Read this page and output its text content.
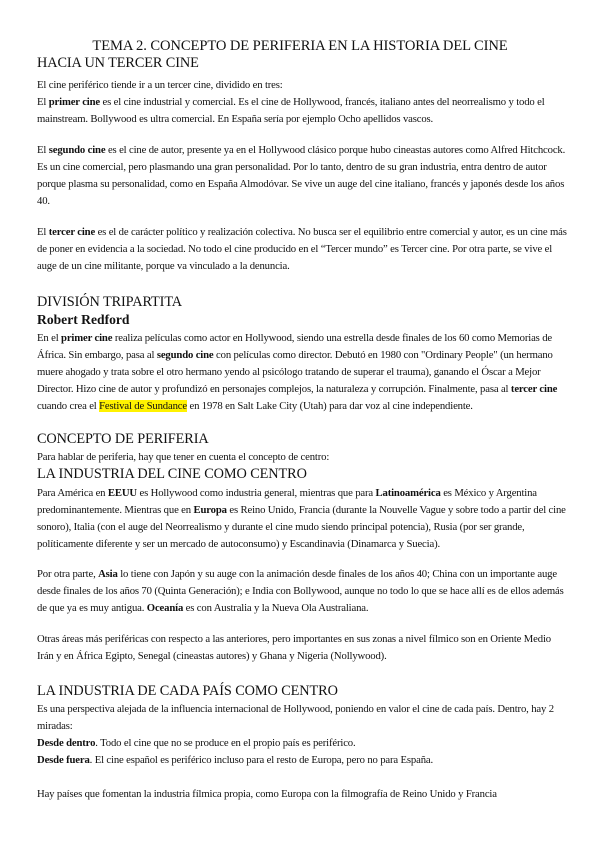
TEMA 2. CONCEPTO DE PERIFERIA EN LA HISTORIA DEL CINE
HACIA UN TERCER CINE

El cine periférico tiende ir a un tercer cine, dividido en tres:

El primer cine es el cine industrial y comercial. Es el cine de Hollywood, francés, italiano antes del neorrealismo y todo el mainstream. Bollywood es ultra comercial. En España sería por ejemplo Ocho apellidos vascos.

El segundo cine es el cine de autor, presente ya en el Hollywood clásico porque hubo cineastas autores como Alfred Hitchcock. Es un cine comercial, pero plasmando una gran personalidad. Por lo tanto, dentro de su gran industria, entra dentro de autor porque plasma su personalidad, como en España Almodóvar. Se vive un auge del cine italiano, francés y japonés desde los años 40.

El tercer cine es el de carácter político y realización colectiva. No busca ser el equilibrio entre comercial y autor, es un cine más de poner en evidencia a la sociedad. No todo el cine producido en el “Tercer mundo” es Tercer cine. Por otra parte, se vive el auge de un cine militante, porque va vinculado a la denuncia.

DIVISIÓN TRIPARTITA
Robert Redford

En el primer cine realiza películas como actor en Hollywood, siendo una estrella desde finales de los 60 como Memorias de África. Sin embargo, pasa al segundo cine con películas como director. Debutó en 1980 con "Ordinary People" (un hermano muere ahogado y trata sobre el otro hermano yendo al psicólogo tratando de superar el trauma), ganando el Óscar a Mejor Director. Hizo cine de autor y profundizó en personajes complejos, la naturaleza y corrupción. Finalmente, pasa al tercer cine cuando crea el Festival de Sundance en 1978 en Salt Lake City (Utah) para dar voz al cine independiente.

CONCEPTO DE PERIFERIA

Para hablar de periferia, hay que tener en cuenta el concepto de centro:

LA INDUSTRIA DEL CINE COMO CENTRO

Para América en EEUU es Hollywood como industria general, mientras que para Latinoamérica es México y Argentina predominantemente. Mientras que en Europa es Reino Unido, Francia (durante la Nouvelle Vague y sobre todo a partir del cine sonoro), Italia (con el auge del Neorrealismo y durante el cine mudo siendo principal potencia), Rusia (por ser grande, políticamente diferente y ser un mercado de autoconsumo) y Escandinavia (Dinamarca y Suecia).

Por otra parte, Asia lo tiene con Japón y su auge con la animación desde finales de los años 40; China con un importante auge desde finales de los años 70 (Quinta Generación); e India con Bollywood, aunque no todo lo que se hace allí es de ellos además de que ya es muy antigua. Oceanía es con Australia y la Nueva Ola Australiana.

Otras áreas más periféricas con respecto a las anteriores, pero importantes en sus zonas a nivel fílmico son en Oriente Medio Irán y en África Egipto, Senegal (cineastas autores) y Ghana y Nigeria (Nollywood).

LA INDUSTRIA DE CADA PAÍS COMO CENTRO

Es una perspectiva alejada de la influencia internacional de Hollywood, poniendo en valor el cine de cada país. Dentro, hay 2 miradas:

Desde dentro. Todo el cine que no se produce en el propio país es periférico.

Desde fuera. El cine español es periférico incluso para el resto de Europa, pero no para España.

Hay países que fomentan la industria fílmica propia, como Europa con la filmografía de Reino Unido y Francia
